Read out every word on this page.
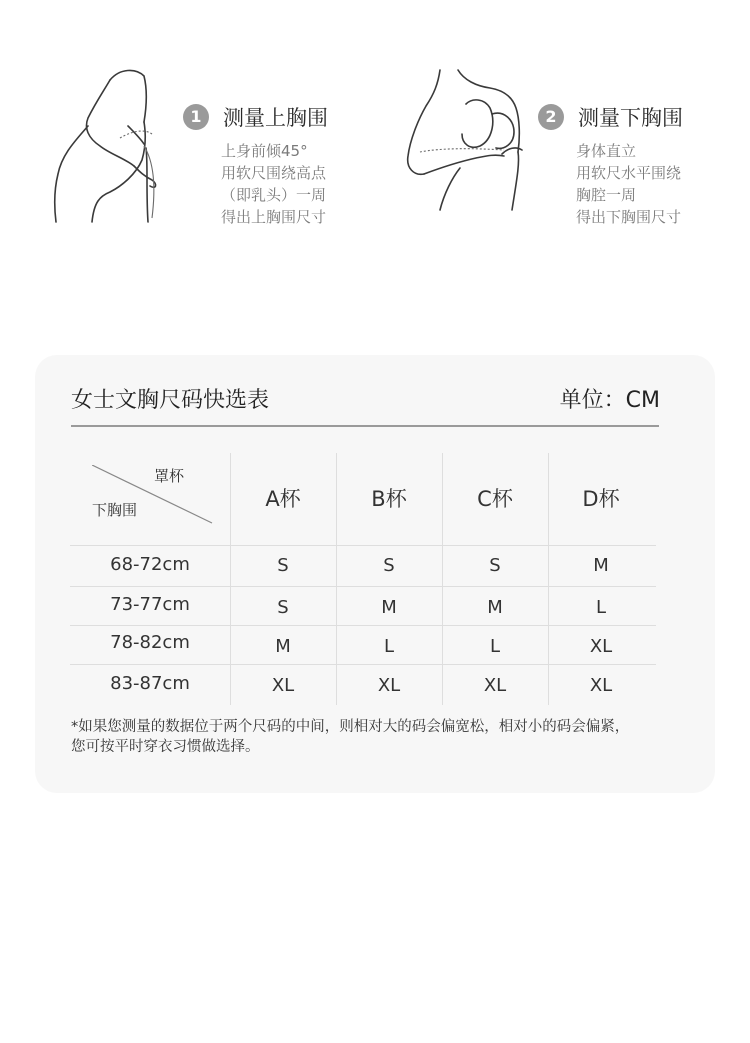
1	测量上胸围
上身前倾45°
用软尺围绕高点
（即乳头）一周
得出上胸围尺寸
2	测量下胸围
身体直立
用软尺水平围绕
胸腔一周
得出下胸围尺寸
女士文胸尺码快选表	单位：CM
罩杯
下胸围	A杯	B杯	C杯	D杯
68-72cm	S	S	S	M
73-77cm	S	M	M	L
78-82cm	M	L	L	XL
83-87cm	XL	XL	XL	XL
*如果您测量的数据位于两个尺码的中间，则相对大的码会偏宽松，相对小的码会偏紧，
您可按平时穿衣习惯做选择。
